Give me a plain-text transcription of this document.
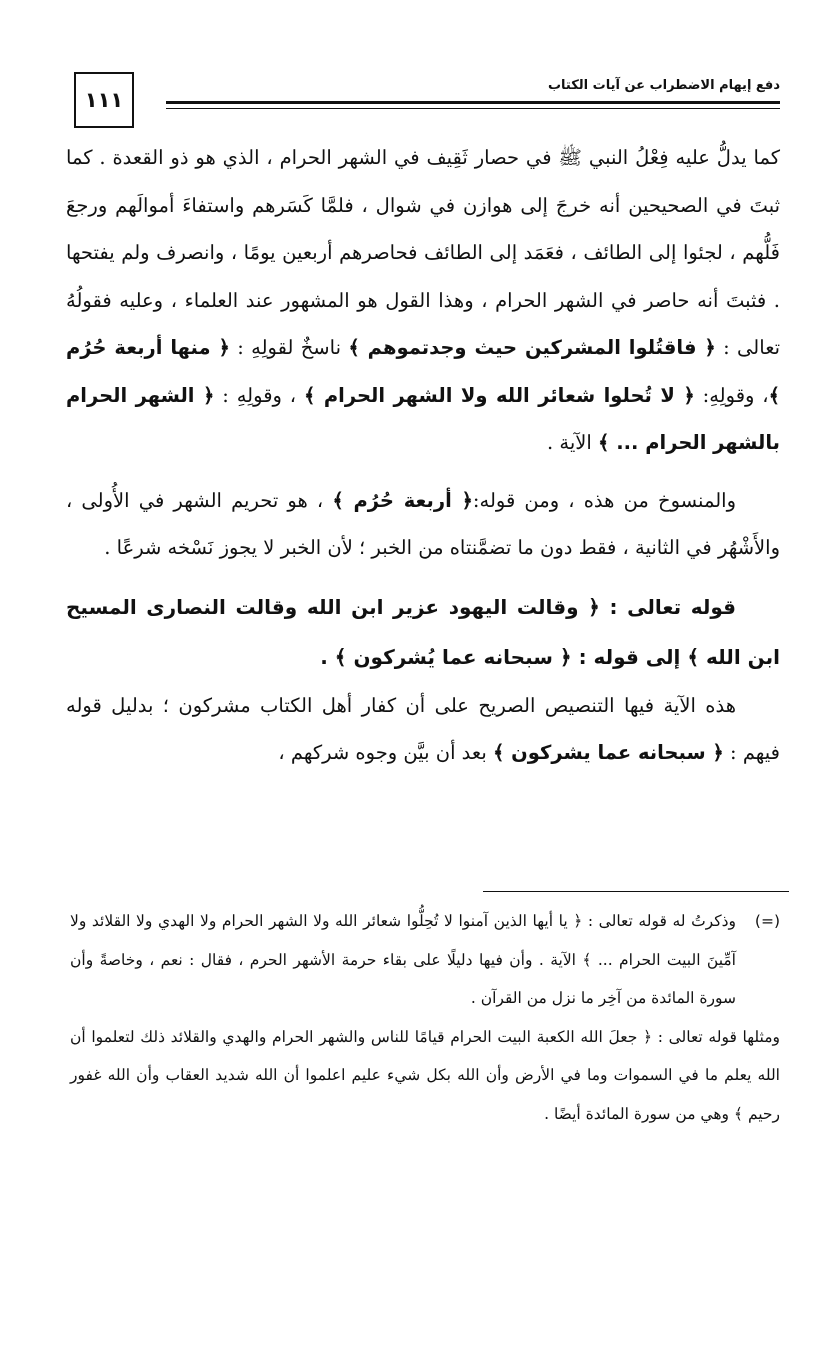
١١١
دفع إيهام الاضطراب عن آيات الكتاب

كما يدلُّ عليه فِعْلُ النبي ﷺ في حصار ثَقِيف في الشهر الحرام ، الذي هو ذو القعدة . كما ثبتَ في الصحيحين أنه خرجَ إلى هوازن في شوال ، فلمَّا كَسَرهم واستفاءَ أموالَهم ورجعَ فَلُّهم ، لجئوا إلى الطائف ، فعَمَد إلى الطائف فحاصرهم أربعين يومًا ، وانصرف ولم يفتحها . فثبتَ أنه حاصر في الشهر الحرام ، وهذا القول هو المشهور عند العلماء ، وعليه فقولُهُ تعالى : ﴿ فاقتُلوا المشركين حيث وجدتموهم ﴾ ناسخٌ لقولِهِ : ﴿ منها أربعة حُرُم ﴾، وقولِهِ: ﴿ لا تُحلوا شعائر الله ولا الشهر الحرام ﴾ ، وقولِهِ : ﴿ الشهر الحرام بالشهر الحرام ... ﴾ الآية .

والمنسوخ من هذه ، ومن قوله:﴿ أربعة حُرُم ﴾ ، هو تحريم الشهر في الأُولى ، والأَشْهُر في الثانية ، فقط دون ما تضمَّنتاه من الخبر ؛ لأن الخبر لا يجوز نَسْخه شرعًا .

قوله تعالى : ﴿ وقالت اليهود عزير ابن الله وقالت النصارى المسيح ابن الله ﴾ إلى قوله : ﴿ سبحانه عما يُشركون ﴾ .

هذه الآية فيها التنصيص الصريح على أن كفار أهل الكتاب مشركون ؛ بدليل قوله فيهم : ﴿ سبحانه عما يشركون ﴾ بعد أن بيَّن وجوه شركهم ،

(=)
وذكرتُ له قوله تعالى : ﴿ يا أيها الذين آمنوا لا تُحِلُّوا شعائر الله ولا الشهر الحرام ولا الهدي ولا القلائد ولا آمِّينَ البيت الحرام ... ﴾ الآية . وأن فيها دليلًا على بقاء حرمة الأشهر الحرم ، فقال : نعم ، وخاصةً وأن سورة المائدة من آخِر ما نزل من القرآن .

ومثلها قوله تعالى : ﴿ جعلَ الله الكعبة البيت الحرام قيامًا للناس والشهر الحرام والهدي والقلائد ذلك لتعلموا أن الله يعلم ما في السموات وما في الأرض وأن الله بكل شيء عليم اعلموا أن الله شديد العقاب وأن الله غفور رحيم ﴾ وهي من سورة المائدة أيضًا .
